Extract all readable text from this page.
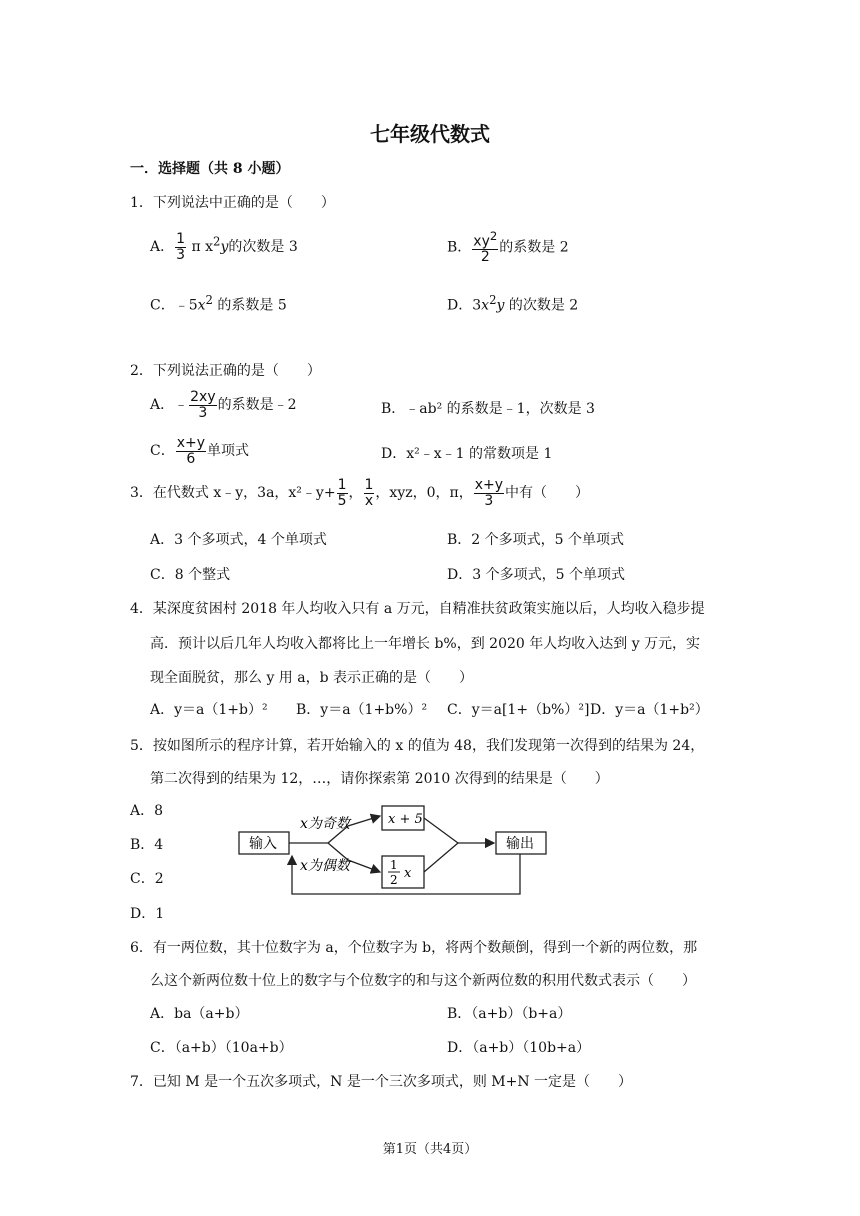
七年级代数式
一．选择题（共 8 小题）
1．下列说法中正确的是（　　）
A． $\frac{1}{3}$ π $x^2y$的次数是 3	B． $\frac{xy^2}{2}$ 的系数是 2
C．$﹣5x^2$ 的系数是 5	D．$3x^2y$ 的次数是 2
2．下列说法正确的是（　　）
A．﹣ $\frac{2xy}{3}$ 的系数是﹣2	B．﹣ab² 的系数是﹣1，次数是 3
C． $\frac{x+y}{6}$ 单项式	D．x²﹣x﹣1 的常数项是 1
3．在代数式 x﹣y，3a，x²﹣y+ $\frac{1}{5}$ ， $\frac{1}{x}$ ，xyz，0，π， $\frac{x+y}{3}$ 中有（　　）
A．3 个多项式，4 个单项式	B．2 个多项式，5 个单项式
C．8 个整式	D．3 个多项式，5 个单项式
4．某深度贫困村 2018 年人均收入只有 a 万元，自精准扶贫政策实施以后，人均收入稳步提
高．预计以后几年人均收入都将比上一年增长 b%，到 2020 年人均收入达到 y 万元，实
现全面脱贫，那么 y 用 a，b 表示正确的是（　　）
A．y＝a（1+b）² B．y＝a（1+b%）² C．y＝a[1+（b%）²] D．y＝a（1+b²）
5．按如图所示的程序计算，若开始输入的 x 的值为 48，我们发现第一次得到的结果为 24，
第二次得到的结果为 12，…，请你探索第 2010 次得到的结果是（　　）
A．8
B．4
C．2
D．1
输入	输出
x为奇数
x为偶数
x + 5
1
2 x
6．有一两位数，其十位数字为 a，个位数字为 b，将两个数颠倒，得到一个新的两位数，那
么这个新两位数十位上的数字与个位数字的和与这个新两位数的积用代数式表示（　　）
A．ba（a+b）	B．（a+b）（b+a）
C．（a+b）（10a+b）	D．（a+b）（10b+a）
7．已知 M 是一个五次多项式，N 是一个三次多项式，则 M+N 一定是（　　）
第1页（共4页）
